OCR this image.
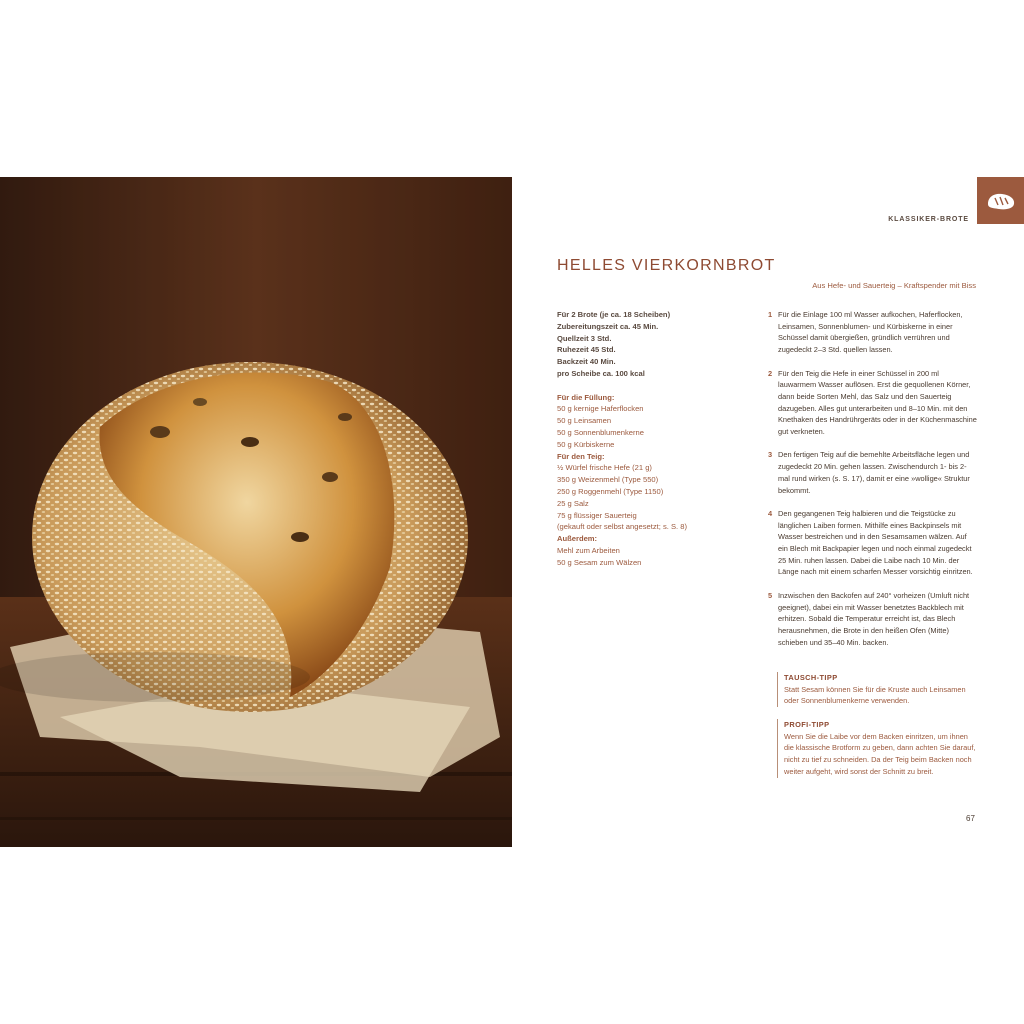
KLASSIKER-BROTE
HELLES VIERKORNBROT
Aus Hefe- und Sauerteig – Kraftspender mit Biss
Für 2 Brote (je ca. 18 Scheiben)
Zubereitungszeit ca. 45 Min.
Quellzeit 3 Std.
Ruhezeit 45 Std.
Backzeit 40 Min.
pro Scheibe ca. 100 kcal
Für die Füllung:
50 g kernige Haferflocken
50 g Leinsamen
50 g Sonnenblumenkerne
50 g Kürbiskerne
Für den Teig:
½ Würfel frische Hefe (21 g)
350 g Weizenmehl (Type 550)
250 g Roggenmehl (Type 1150)
25 g Salz
75 g flüssiger Sauerteig
(gekauft oder selbst angesetzt; s. S. 8)
Außerdem:
Mehl zum Arbeiten
50 g Sesam zum Wälzen
1 Für die Einlage 100 ml Wasser aufkochen, Haferflocken, Leinsamen, Sonnenblumen- und Kürbiskerne in einer Schüssel damit übergießen, gründlich verrühren und zugedeckt 2–3 Std. quellen lassen.
2 Für den Teig die Hefe in einer Schüssel in 200 ml lauwarmem Wasser auflösen. Erst die gequollenen Körner, dann beide Sorten Mehl, das Salz und den Sauerteig dazugeben. Alles gut unterarbeiten und 8–10 Min. mit den Knethaken des Handrührgeräts oder in der Küchenmaschine gut verkneten.
3 Den fertigen Teig auf die bemehlte Arbeitsfläche legen und zugedeckt 20 Min. gehen lassen. Zwischendurch 1- bis 2-mal rund wirken (s. S. 17), damit er eine »wollige« Struktur bekommt.
4 Den gegangenen Teig halbieren und die Teigstücke zu länglichen Laiben formen. Mithilfe eines Backpinsels mit Wasser bestreichen und in den Sesamsamen wälzen. Auf ein Blech mit Backpapier legen und noch einmal zugedeckt 25 Min. ruhen lassen. Dabei die Laibe nach 10 Min. der Länge nach mit einem scharfen Messer vorsichtig einritzen.
5 Inzwischen den Backofen auf 240° vorheizen (Umluft nicht geeignet), dabei ein mit Wasser benetztes Backblech mit erhitzen. Sobald die Temperatur erreicht ist, das Blech herausnehmen, die Brote in den heißen Ofen (Mitte) schieben und 35–40 Min. backen.
TAUSCH-TIPP
Statt Sesam können Sie für die Kruste auch Leinsamen oder Sonnenblumenkerne verwenden.
PROFI-TIPP
Wenn Sie die Laibe vor dem Backen einritzen, um ihnen die klassische Brotform zu geben, dann achten Sie darauf, nicht zu tief zu schneiden. Da der Teig beim Backen noch weiter aufgeht, wird sonst der Schnitt zu breit.
67
